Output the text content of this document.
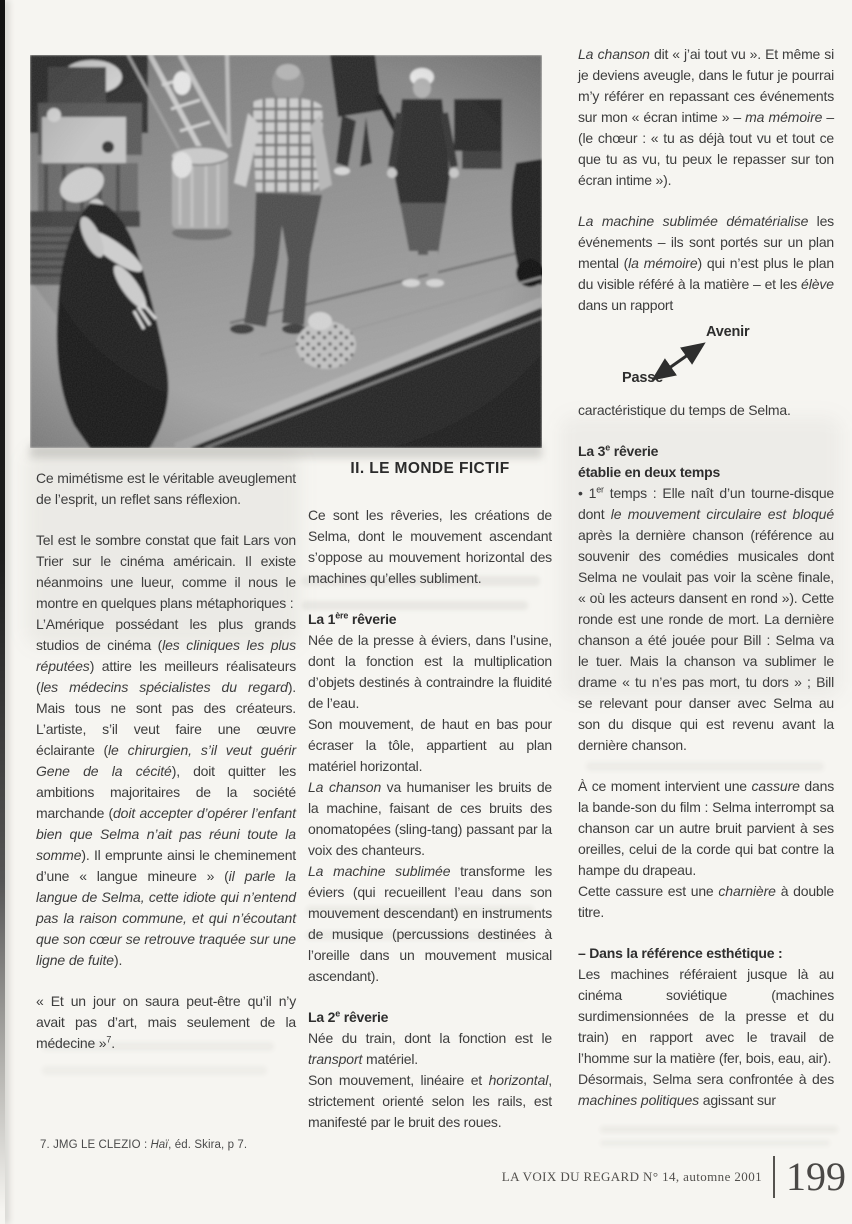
Ce mimétisme est le véritable aveuglement de l’esprit, un reflet sans réflexion.
Tel est le sombre constat que fait Lars von Trier sur le cinéma américain. Il existe néanmoins une lueur, comme il nous le montre en quelques plans métaphoriques :
L’Amérique possédant les plus grands studios de cinéma (les cliniques les plus réputées) attire les meilleurs réalisateurs (les médecins spécialistes du regard). Mais tous ne sont pas des créateurs. L’artiste, s’il veut faire une œuvre éclairante (le chirurgien, s’il veut guérir Gene de la cécité), doit quitter les ambitions majoritaires de la société marchande (doit accepter d’opérer l’enfant bien que Selma n’ait pas réuni toute la somme). Il emprunte ainsi le cheminement d’une « langue mineure » (il parle la langue de Selma, cette idiote qui n’entend pas la raison commune, et qui n’écoutant que son cœur se retrouve traquée sur une ligne de fuite).
« Et un jour on saura peut-être qu’il n’y avait pas d’art, mais seulement de la médecine »$^7$.
II. LE MONDE FICTIF
Ce sont les rêveries, les créations de Selma, dont le mouvement ascendant s’oppose au mouvement horizontal des machines qu’elles subliment.
La 1ère rêverie
Née de la presse à éviers, dans l’usine, dont la fonction est la multiplication d’objets destinés à contraindre la fluidité de l’eau.
Son mouvement, de haut en bas pour écraser la tôle, appartient au plan matériel horizontal.
La chanson va humaniser les bruits de la machine, faisant de ces bruits des onomatopées (sling-tang) passant par la voix des chanteurs.
La machine sublimée transforme les éviers (qui recueillent l’eau dans son mouvement descendant) en instruments de musique (percussions destinées à l’oreille dans un mouvement musical ascendant).
La 2e rêverie
Née du train, dont la fonction est le transport matériel.
Son mouvement, linéaire et horizontal, strictement orienté selon les rails, est manifesté par le bruit des roues.
La chanson dit « j’ai tout vu ». Et même si je deviens aveugle, dans le futur je pourrai m’y référer en repassant ces événements sur mon « écran intime » – ma mémoire – (le chœur : « tu as déjà tout vu et tout ce que tu as vu, tu peux le repasser sur ton écran intime »).
La machine sublimée dématérialise les événements – ils sont portés sur un plan mental (la mémoire) qui n’est plus le plan du visible référé à la matière – et les élève dans un rapport
Avenir
Passé
caractéristique du temps de Selma.
La 3e rêverie
établie en deux temps
• 1er temps : Elle naît d’un tourne-disque dont le mouvement circulaire est bloqué après la dernière chanson (référence au souvenir des comédies musicales dont Selma ne voulait pas voir la scène finale, « où les acteurs dansent en rond »). Cette ronde est une ronde de mort. La dernière chanson a été jouée pour Bill : Selma va le tuer. Mais la chanson va sublimer le drame « tu n’es pas mort, tu dors » ; Bill se relevant pour danser avec Selma au son du disque qui est revenu avant la dernière chanson.
À ce moment intervient une cassure dans la bande-son du film : Selma interrompt sa chanson car un autre bruit parvient à ses oreilles, celui de la corde qui bat contre la hampe du drapeau.
Cette cassure est une charnière à double titre.
– Dans la référence esthétique :
Les machines référaient jusque là au cinéma soviétique (machines surdimensionnées de la presse et du train) en rapport avec le travail de l’homme sur la matière (fer, bois, eau, air).
Désormais, Selma sera confrontée à des machines politiques agissant sur
7. JMG LE CLEZIO : Haï, éd. Skira, p 7.
LA VOIX DU REGARD N° 14, automne 2001 199
